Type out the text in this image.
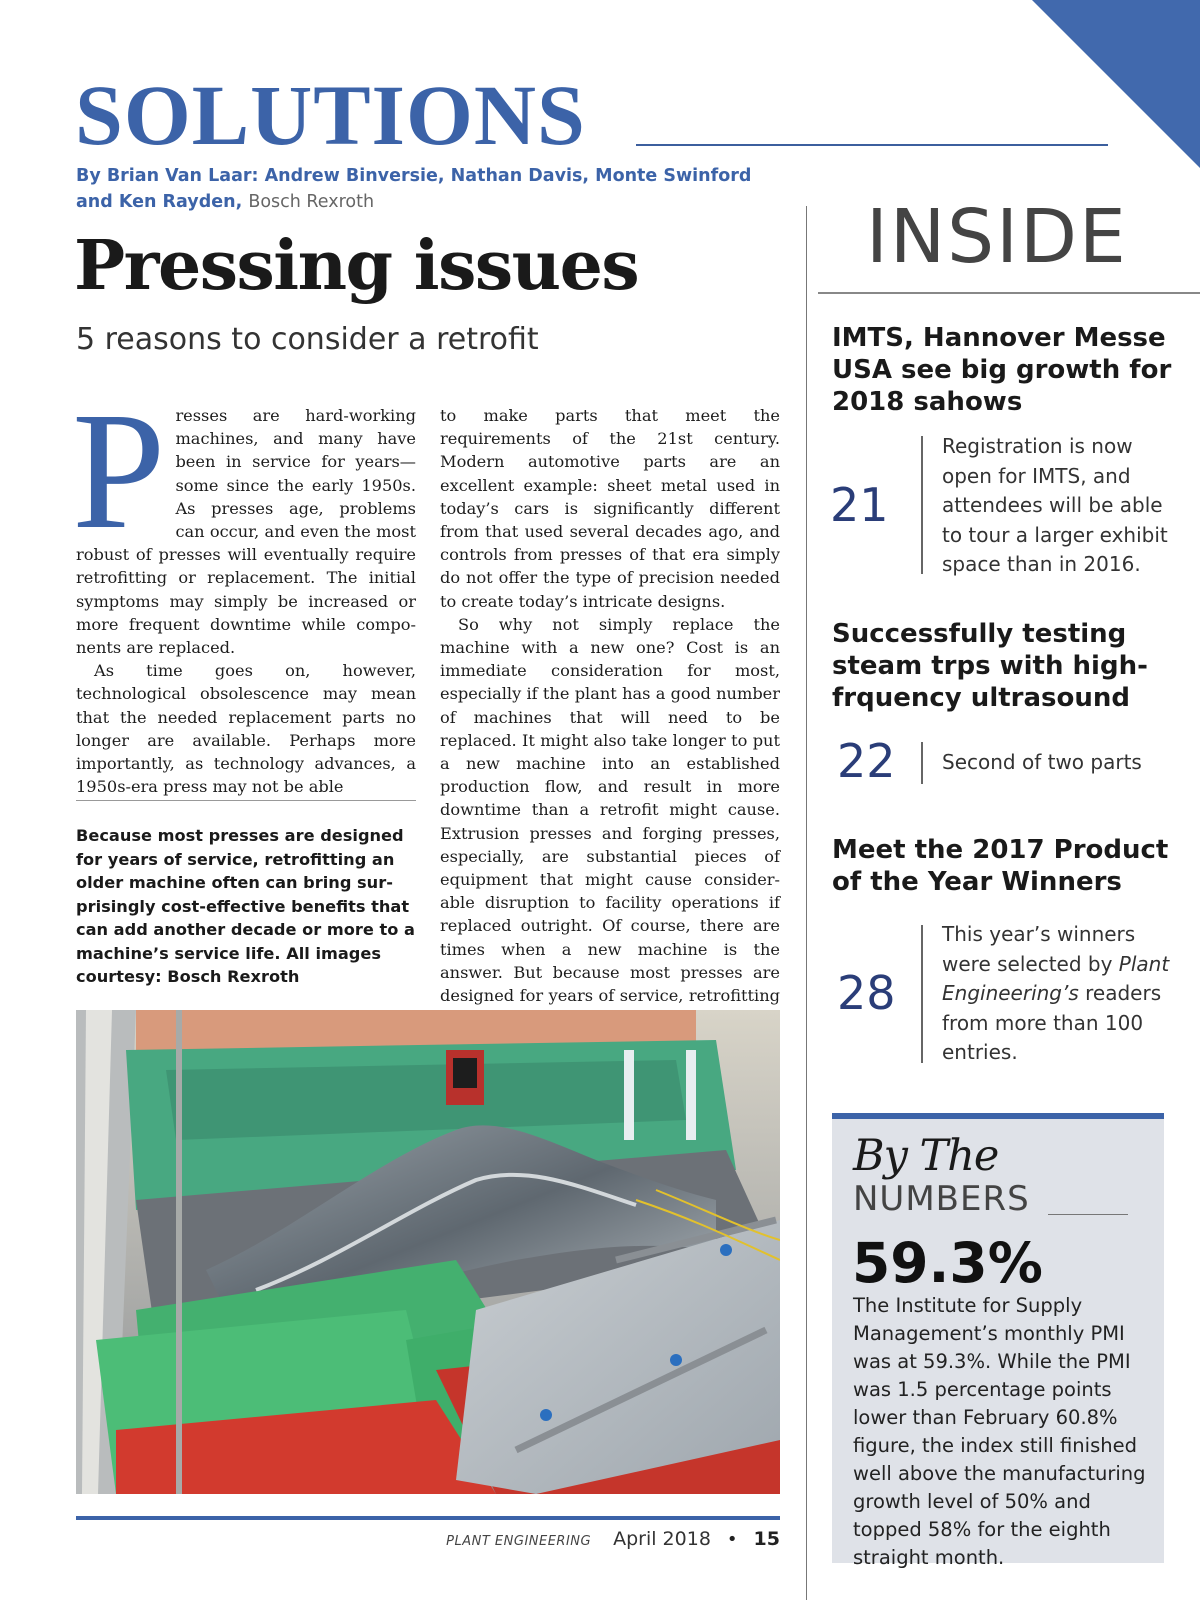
SOLUTIONS
By Brian Van Laar: Andrew Binversie, Nathan Davis, Monte Swinford and Ken Rayden, Bosch Rexroth
Pressing issues
5 reasons to consider a retrofit
P resses are hard-working machines, and many have been in service for years—some since the early 1950s. As presses age, problems can occur, and even the most robust of presses will eventually require retrofitting or replacement. The initial symptoms may simply be increased or more frequent downtime while components are replaced.

As time goes on, however, technological obsolescence may mean that the needed replacement parts no longer are available. Perhaps more importantly, as technology advances, a 1950s-era press may not be able

Because most presses are designed for years of service, retrofitting an older machine often can bring surprisingly cost-effective benefits that can add another decade or more to a machine’s service life. All images courtesy: Bosch Rexroth

to make parts that meet the requirements of the 21st century. Modern automotive parts are an excellent example: sheet metal used in today’s cars is significantly different from that used several decades ago, and controls from presses of that era simply do not offer the type of precision needed to create today’s intricate designs.

So why not simply replace the machine with a new one? Cost is an immediate consideration for most, especially if the plant has a good number of machines that will need to be replaced. It might also take longer to put a new machine into an established production flow, and result in more downtime than a retrofit might cause. Extrusion presses and forging presses, especially, are substantial pieces of equipment that might cause considerable disruption to facility operations if replaced outright. Of course, there are times when a new machine is the answer. But because most presses are designed for years of service, retrofitting

PLANT ENGINEERING April 2018 • 15
INSIDE
IMTS, Hannover Messe USA see big growth for 2018 sahows
21
Registration is now open for IMTS, and attendees will be able to tour a larger exhibit space than in 2016.
Successfully testing steam trps with high-frquency ultrasound
22 Second of two parts
Meet the 2017 Product of the Year Winners
28
This year’s winners were selected by Plant Engineering’s readers from more than 100 entries.
By The
NUMBERS
59.3%
The Institute for Supply Management’s monthly PMI was at 59.3%. While the PMI was 1.5 percentage points lower than February 60.8% figure, the index still finished well above the manufacturing growth level of 50% and topped 58% for the eighth straight month.
